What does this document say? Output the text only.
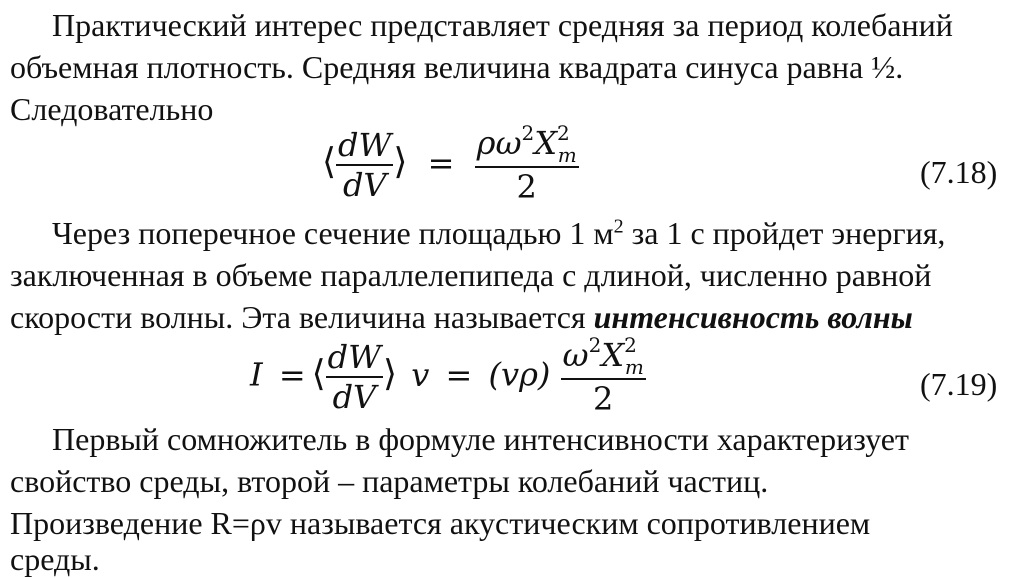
Практический интерес представляет средняя за период колебаний
объемная плотность. Средняя величина квадрата синуса равна ½.
Следовательно
⟨ $\frac{dW}{dV}$ ⟩ = $\frac{\rho\omega^2X^2_m}{2}$	(7.18)
Через поперечное сечение площадью 1 $м^2$ за 1 с пройдет энергия,
заключенная в объеме параллелепипеда с длиной, численно равной
скорости волны. Эта величина называется интенсивность волны
I = ⟨ $\frac{dW}{dV}$ ⟩ $v = (v\rho) \frac{\omega^2X^2_m}{2}$	(7.19)
Первый сомножитель в формуле интенсивности характеризует
свойство среды, второй – параметры колебаний частиц.
Произведение R=ρv называется акустическим сопротивлением
среды.
